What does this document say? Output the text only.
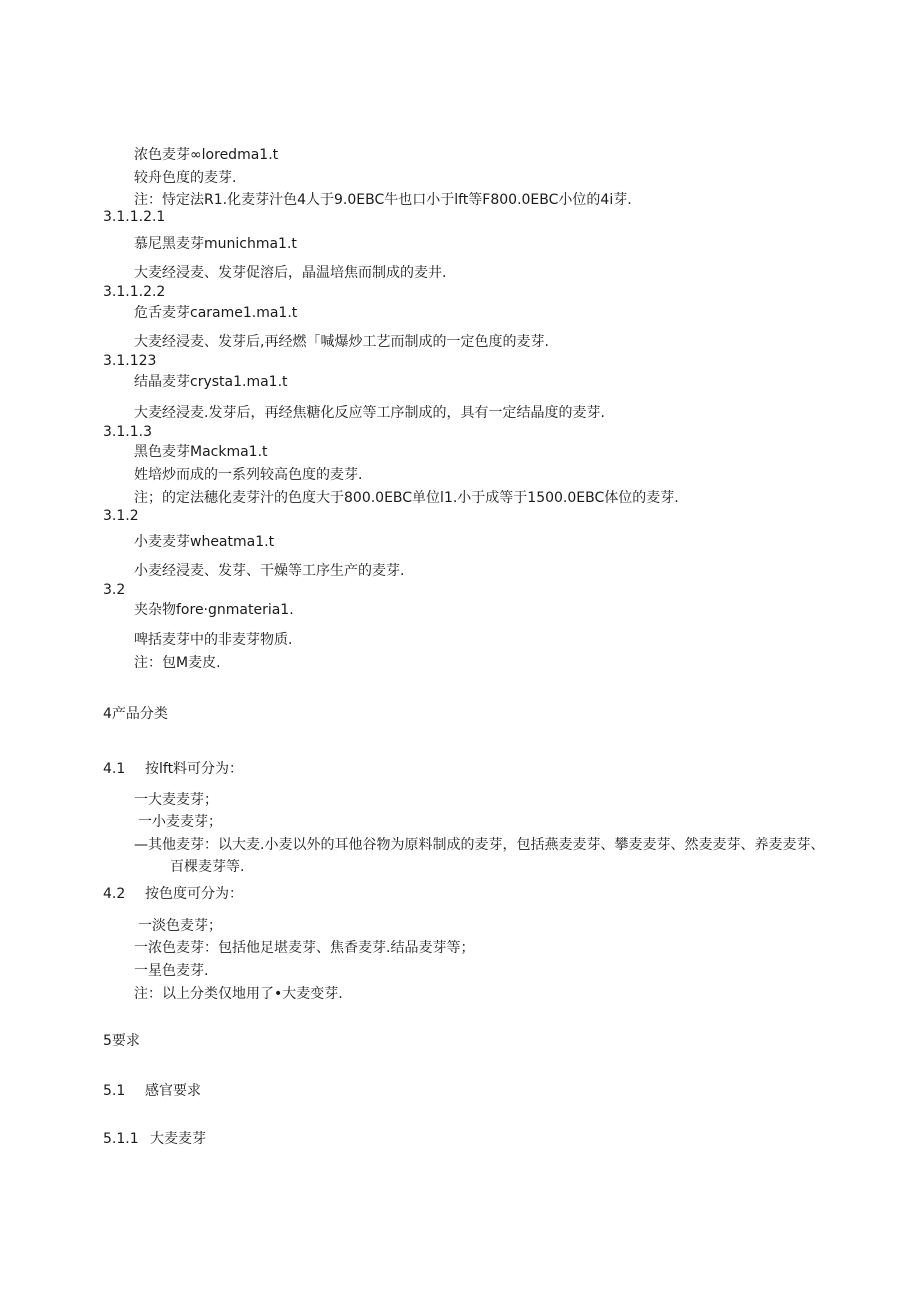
浓色麦芽∞loredma1.t
较舟色度的麦芽.
注：恃定法R1.化麦芽汁色4人于9.0EBC牛也口小于lft等F800.0EBC小位的4i芽.
3.1.1.2.1
慕尼黑麦芽munichma1.t
大麦经浸麦、发芽促溶后，晶温培焦而制成的麦井.
3.1.1.2.2
危舌麦芽carame1.ma1.t
大麦经浸麦、发芽后,再经燃「喊爆炒工艺而制成的一定色度的麦芽.
3.1.123
结晶麦芽crysta1.ma1.t
大麦经浸麦.发芽后，再经焦糖化反应等工序制成的，具有一定结晶度的麦芽.
3.1.1.3
黑色麦芽Mackma1.t
姓培炒而成的一系列较高色度的麦芽.
注；的定法穗化麦芽汁的色度大于800.0EBC单位l1.小于成等于1500.0EBC体位的麦芽.
3.1.2
小麦麦芽wheatma1.t
小麦经浸麦、发芽、干燥等工序生产的麦芽.
3.2
夹杂物fore·gnmateria1.
啤括麦芽中的非麦芽物质.
注：包M麦皮.
4产品分类
4.1 按lft料可分为：
一大麦麦芽；
一小麦麦芽；
—其他麦芽：以大麦.小麦以外的耳他谷物为原料制成的麦芽，包括燕麦麦芽、攀麦麦芽、然麦麦芽、养麦麦芽、
百棵麦芽等.
4.2 按色度可分为：
一淡色麦芽；
一浓色麦芽：包括他足堪麦芽、焦香麦芽.结品麦芽等；
一星色麦芽.
注：以上分类仅地用了•大麦变芽.
5要求
5.1 感官要求
5.1.1 大麦麦芽
